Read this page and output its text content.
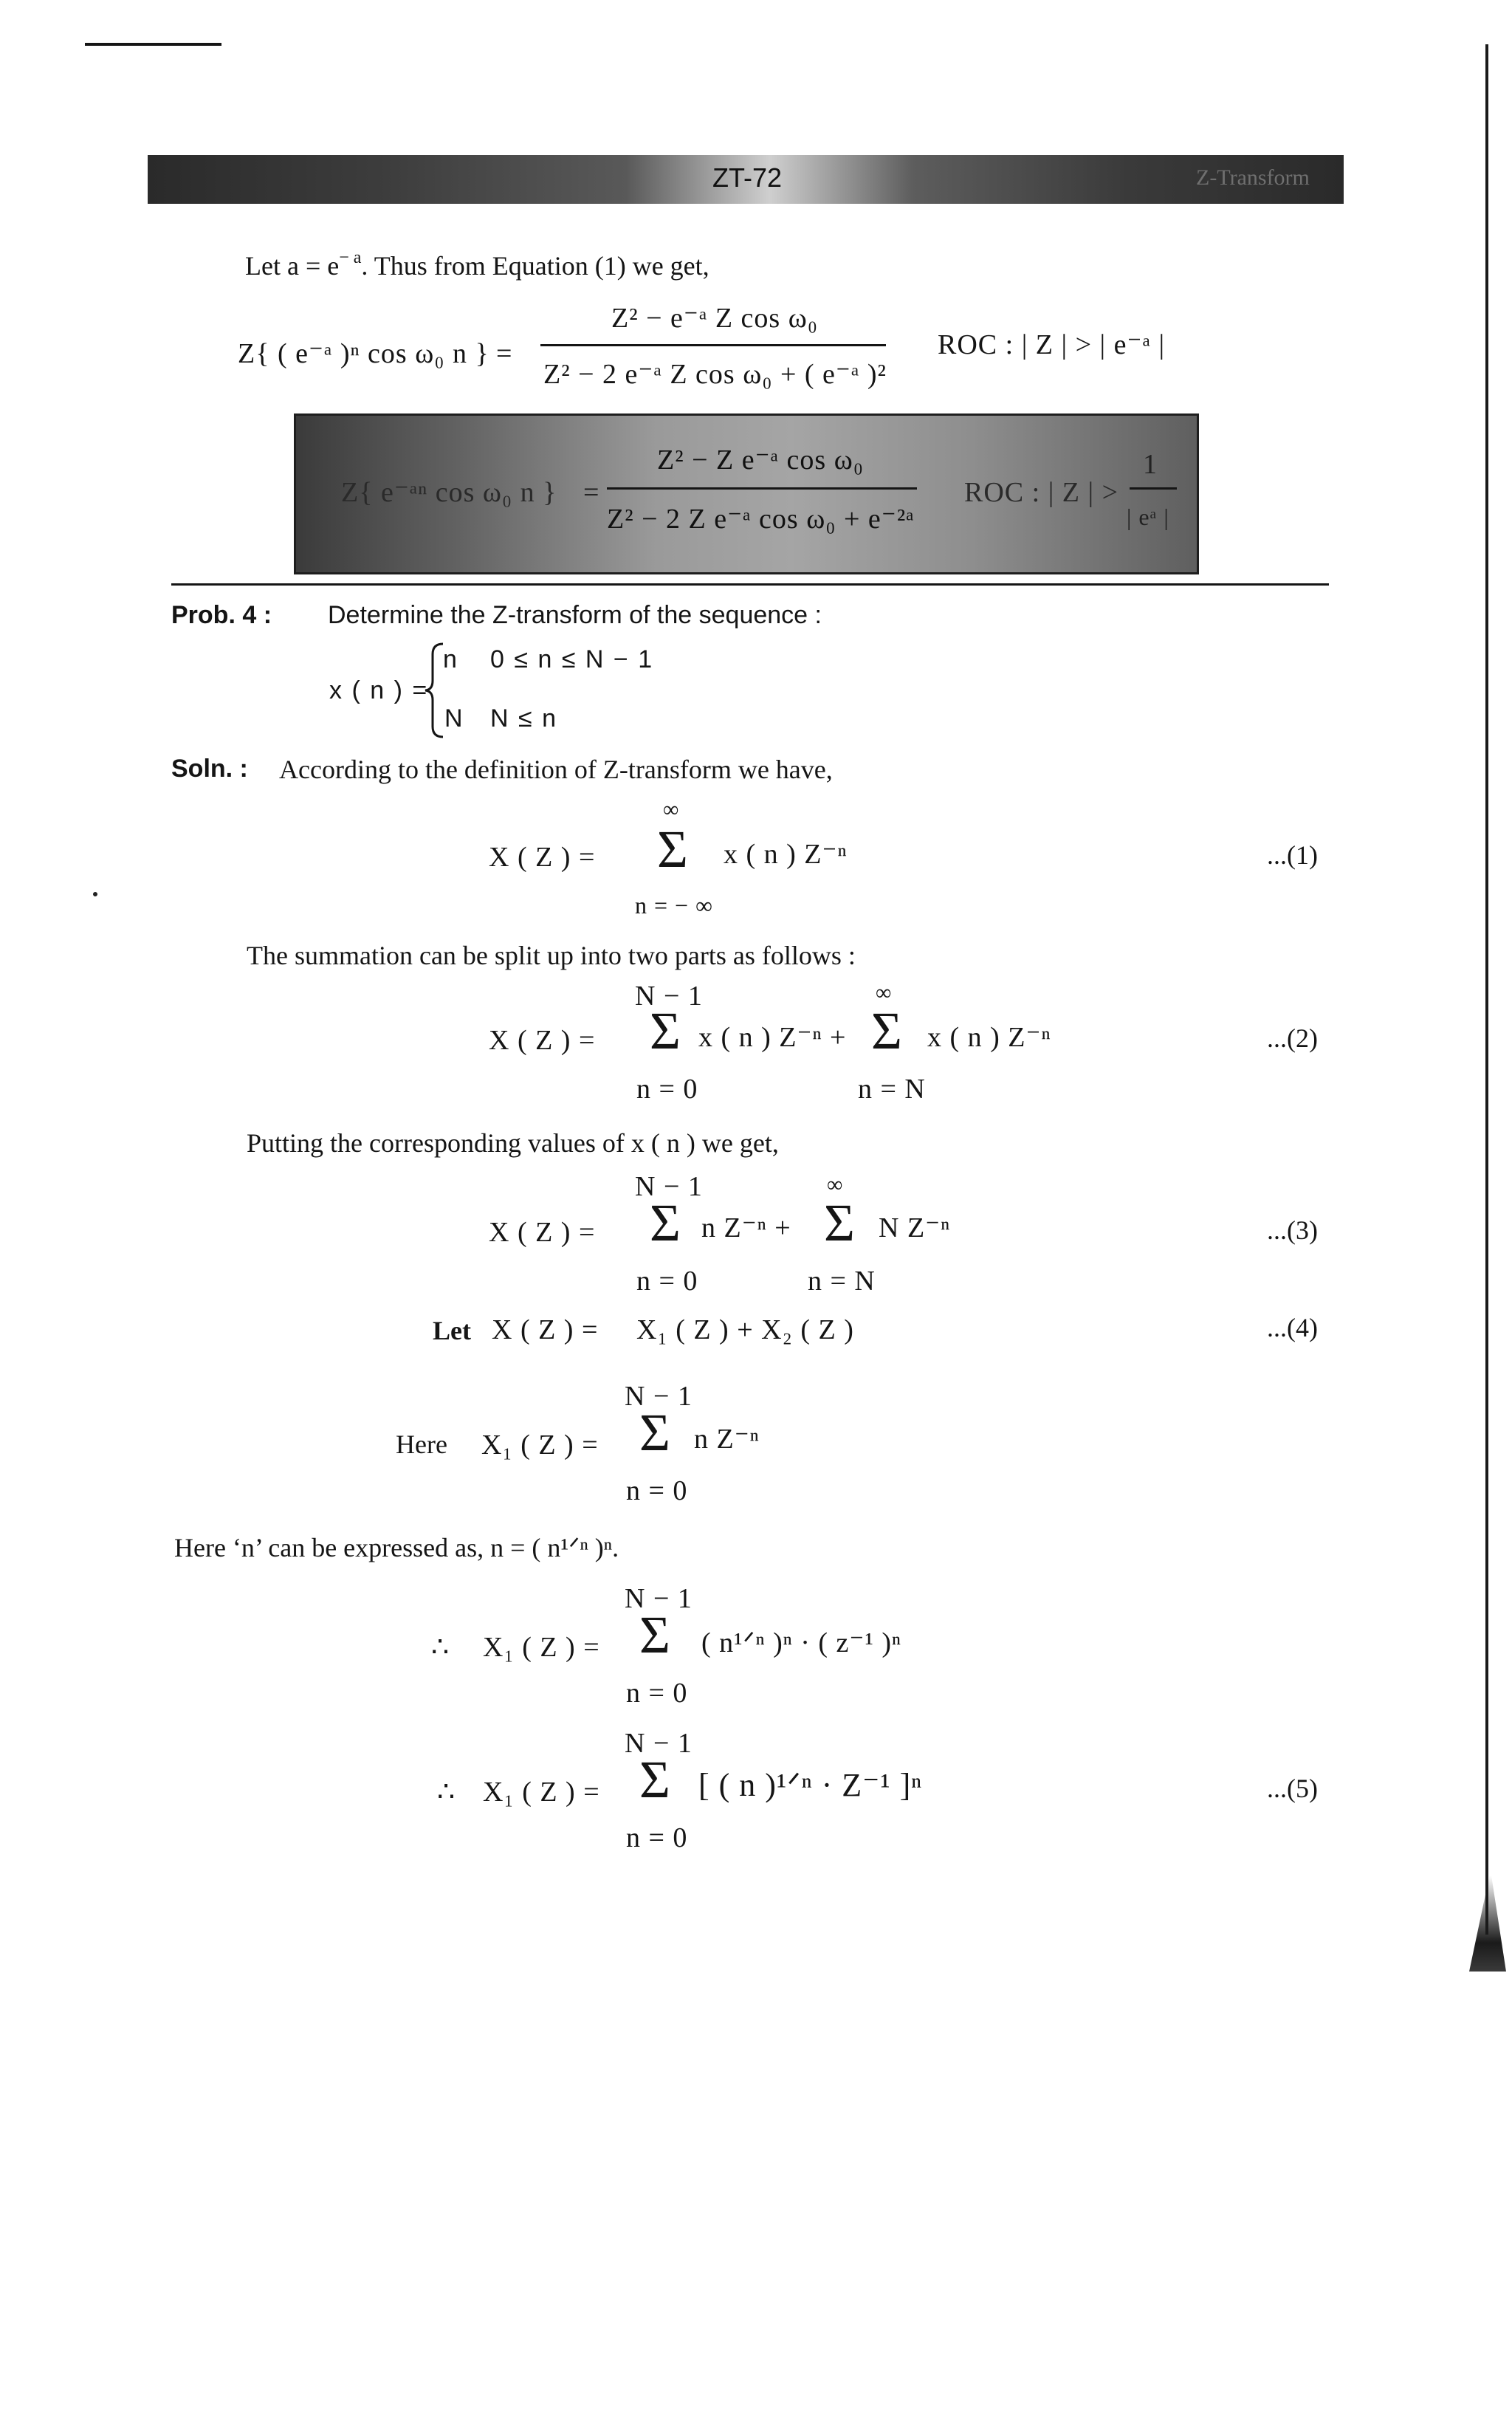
ZT-72	Z-Transform
Let $a = e^{- a}$. Thus from Equation (1) we get,
Z{ ( e⁻ᵃ )ⁿ cos ω₀ n } =
Z² − e⁻ᵃ Z cos ω₀
Z² − 2 e⁻ᵃ Z cos ω₀ + ( e⁻ᵃ )²
ROC : | Z | > | e⁻ᵃ |
Z{ e⁻ᵃⁿ cos ω₀ n } =
Z² − Z e⁻ᵃ cos ω₀
Z² − 2 Z e⁻ᵃ cos ω₀ + e⁻²ᵃ
ROC : | Z | >
1
| eᵃ |
Prob. 4 : Determine the Z-transform of the sequence :
x ( n ) =
n 0 ≤ n ≤ N − 1
N N ≤ n
Soln. : According to the definition of Z-transform we have,
X ( Z ) =
∞
Σ
n = − ∞
x ( n ) Z⁻ⁿ	...(1)
The summation can be split up into two parts as follows :
X ( Z ) =
N − 1
Σ
n = 0
x ( n ) Z⁻ⁿ +
∞
Σ
n = N
x ( n ) Z⁻ⁿ	...(2)
Putting the corresponding values of x ( n ) we get,
X ( Z ) =
N − 1
Σ
n = 0
n Z⁻ⁿ +
∞
Σ
n = N
N Z⁻ⁿ	...(3)
Let X ( Z ) = X₁ ( Z ) + X₂ ( Z )	...(4)
Here X₁ ( Z ) =
N − 1
Σ
n = 0
n Z⁻ⁿ
Here ‘n’ can be expressed as, n = ( n¹ᐟⁿ )ⁿ.
∴ X₁ ( Z ) =
N − 1
Σ
n = 0
( n¹ᐟⁿ )ⁿ · ( z⁻¹ )ⁿ
∴ X₁ ( Z ) =
N − 1
Σ
n = 0
[ ( n )¹ᐟⁿ · Z⁻¹ ]ⁿ	...(5)
